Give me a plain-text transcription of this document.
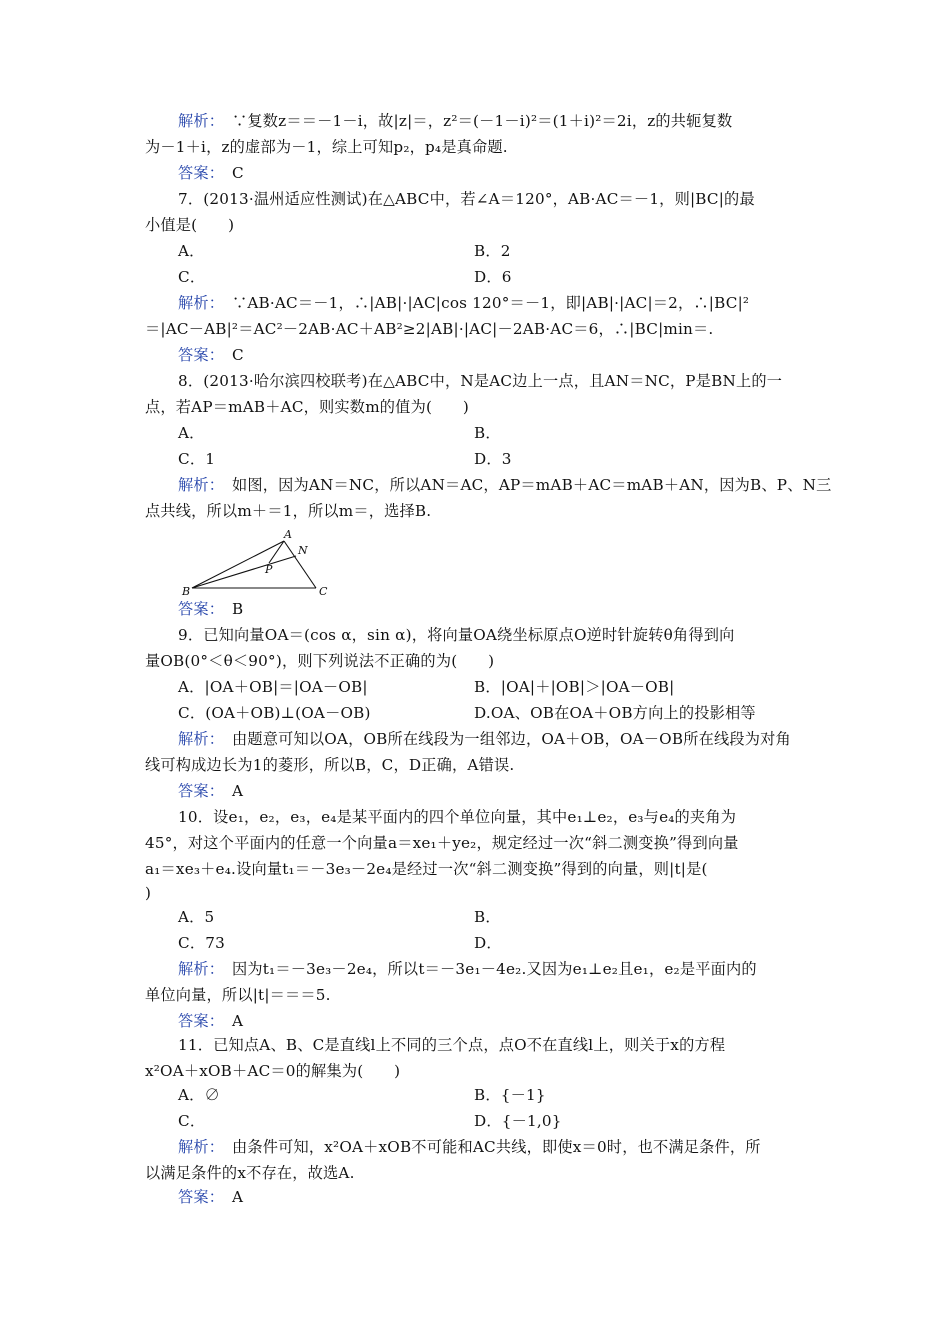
解析：　∵复数z＝＝－1－i，故|z|＝，z²＝(－1－i)²＝(1＋i)²＝2i，z的共轭复数
为－1＋i，z的虚部为－1，综上可知p₂，p₄是真命题.
答案：　C
7．(2013·温州适应性测试)在△ABC中，若∠A＝120°，AB·AC＝－1，则|BC|的最
小值是(　　)
A．	B．2
C．	D．6
解析：　∵AB·AC＝－1，∴|AB|·|AC|cos 120°＝－1，即|AB|·|AC|＝2，∴|BC|²
＝|AC－AB|²＝AC²－2AB·AC＋AB²≥2|AB|·|AC|－2AB·AC＝6，∴|BC|min＝.
答案：　C
8．(2013·哈尔滨四校联考)在△ABC中，N是AC边上一点，且AN＝NC，P是BN上的一
点，若AP＝mAB＋AC，则实数m的值为(　　)
A．	B．
C．1	D．3
解析：　如图，因为AN＝NC，所以AN＝AC，AP＝mAB＋AC＝mAB＋AN，因为B、P、N三
点共线，所以m＋＝1，所以m＝，选择B.
答案：　B
9．已知向量OA＝(cos α，sin α)，将向量OA绕坐标原点O逆时针旋转θ角得到向
量OB(0°＜θ＜90°)，则下列说法不正确的为(　　)
A．|OA＋OB|＝|OA－OB|	B．|OA|＋|OB|＞|OA－OB|
C．(OA＋OB)⊥(OA－OB)	D.OA、OB在OA＋OB方向上的投影相等
解析：　由题意可知以OA，OB所在线段为一组邻边，OA＋OB，OA－OB所在线段为对角
线可构成边长为1的菱形，所以B，C，D正确，A错误.
答案：　A
10．设e₁，e₂，e₃，e₄是某平面内的四个单位向量，其中e₁⊥e₂，e₃与e₄的夹角为
45°，对这个平面内的任意一个向量a＝xe₁＋ye₂，规定经过一次“斜二测变换”得到向量
a₁＝xe₃＋e₄.设向量t₁＝－3e₃－2e₄是经过一次“斜二测变换”得到的向量，则|t|是(
)
A．5	B．
C．73	D．
解析：　因为t₁＝－3e₃－2e₄，所以t＝－3e₁－4e₂.又因为e₁⊥e₂且e₁，e₂是平面内的
单位向量，所以|t|＝＝＝5.
答案：　A
11．已知点A、B、C是直线l上不同的三个点，点O不在直线l上，则关于x的方程
x²OA＋xOB＋AC＝0的解集为(　　)
A．∅	B．{－1}
C．	D．{－1,0}
解析：　由条件可知，x²OA＋xOB不可能和AC共线，即使x＝0时，也不满足条件，所
以满足条件的x不存在，故选A.
答案：　A
A
N
P
B	C
